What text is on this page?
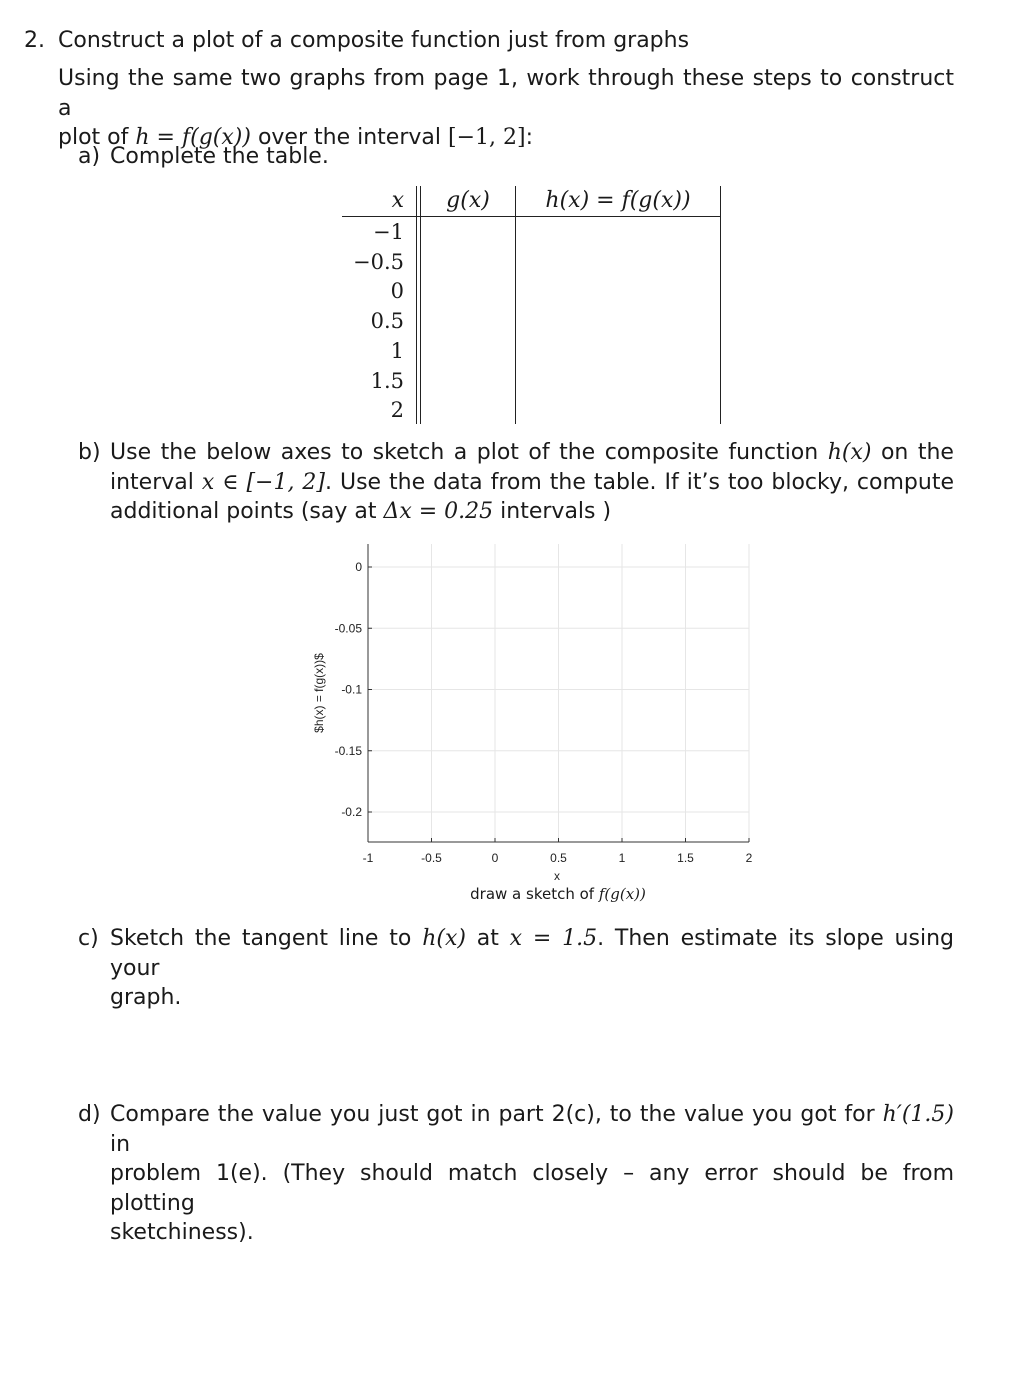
2. Construct a plot of a composite function just from graphs
Using the same two graphs from page 1, work through these steps to construct a
plot of h = f(g(x)) over the interval [−1, 2]:
a) Complete the table.
x	g(x)	h(x) = f(g(x))
−1
−0.5
0
0.5
1
1.5
2
b) Use the below axes to sketch a plot of the composite function h(x) on the
interval x ∈ [−1, 2]. Use the data from the table. If it’s too blocky, compute
additional points (say at Δx = 0.25 intervals )
-1	-0.5	0	0.5	1	1.5	2
0
-0.05
-0.1
-0.15
-0.2
$h(x) = f(g(x))$
x
draw a sketch of f(g(x))
c) Sketch the tangent line to h(x) at x = 1.5. Then estimate its slope using your
graph.
d) Compare the value you just got in part 2(c), to the value you got for h′(1.5) in
problem 1(e). (They should match closely – any error should be from plotting
sketchiness).
